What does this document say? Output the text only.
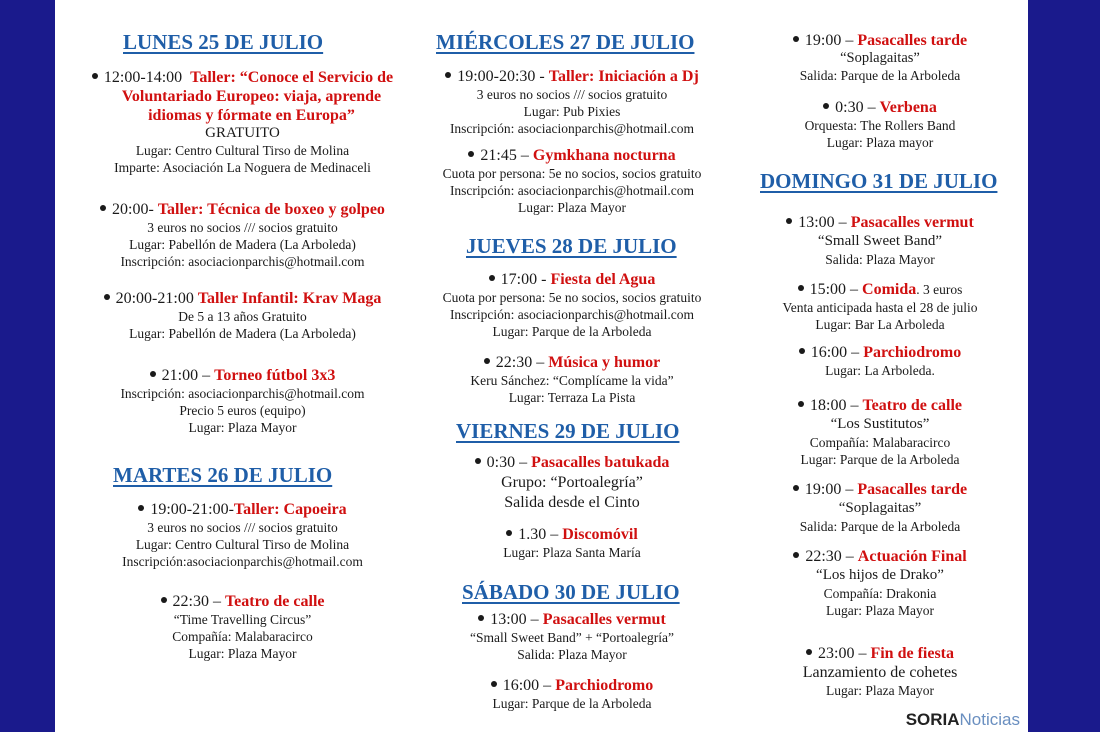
LUNES 25 DE JULIO
12:00-14:00 Taller: “Conoce el Servicio de
Voluntariado Europeo: viaja, aprende
idiomas y fórmate en Europa”
GRATUITO
Lugar: Centro Cultural Tirso de Molina
Imparte: Asociación La Noguera de Medinaceli
20:00- Taller: Técnica de boxeo y golpeo
3 euros no socios /// socios gratuito
Lugar: Pabellón de Madera (La Arboleda)
Inscripción: asociacionparchis@hotmail.com
20:00-21:00 Taller Infantil: Krav Maga
De 5 a 13 años Gratuito
Lugar: Pabellón de Madera (La Arboleda)
21:00 – Torneo fútbol 3x3
Inscripción: asociacionparchis@hotmail.com
Precio 5 euros (equipo)
Lugar: Plaza Mayor
MARTES 26 DE JULIO
19:00-21:00-Taller: Capoeira
3 euros no socios /// socios gratuito
Lugar: Centro Cultural Tirso de Molina
Inscripción:asociacionparchis@hotmail.com
22:30 – Teatro de calle
“Time Travelling Circus”
Compañía: Malabaracirco
Lugar: Plaza Mayor
MIÉRCOLES 27 DE JULIO
19:00-20:30 - Taller: Iniciación a Dj
3 euros no socios /// socios gratuito
Lugar: Pub Pixies
Inscripción: asociacionparchis@hotmail.com
21:45 – Gymkhana nocturna
Cuota por persona: 5e no socios, socios gratuito
Inscripción: asociacionparchis@hotmail.com
Lugar: Plaza Mayor
JUEVES 28 DE JULIO
17:00 - Fiesta del Agua
Cuota por persona: 5e no socios, socios gratuito
Inscripción: asociacionparchis@hotmail.com
Lugar: Parque de la Arboleda
22:30 – Música y humor
Keru Sánchez: “Complícame la vida”
Lugar: Terraza La Pista
VIERNES 29 DE JULIO
0:30 – Pasacalles batukada
Grupo: “Portoalegría”
Salida desde el Cinto
1.30 – Discomóvil
Lugar: Plaza Santa María
SÁBADO 30 DE JULIO
13:00 – Pasacalles vermut
“Small Sweet Band” + “Portoalegría”
Salida: Plaza Mayor
16:00 – Parchiodromo
Lugar: Parque de la Arboleda
19:00 – Pasacalles tarde
“Soplagaitas”
Salida: Parque de la Arboleda
0:30 – Verbena
Orquesta: The Rollers Band
Lugar: Plaza mayor
DOMINGO 31 DE JULIO
13:00 – Pasacalles vermut
“Small Sweet Band”
Salida: Plaza Mayor
15:00 – Comida. 3 euros
Venta anticipada hasta el 28 de julio
Lugar: Bar La Arboleda
16:00 – Parchiodromo
Lugar: La Arboleda.
18:00 – Teatro de calle
“Los Sustitutos”
Compañía: Malabaracirco
Lugar: Parque de la Arboleda
19:00 – Pasacalles tarde
“Soplagaitas”
Salida: Parque de la Arboleda
22:30 – Actuación Final
“Los hijos de Drako”
Compañía: Drakonia
Lugar: Plaza Mayor
23:00 – Fin de fiesta
Lanzamiento de cohetes
Lugar: Plaza Mayor
SORIANoticias
